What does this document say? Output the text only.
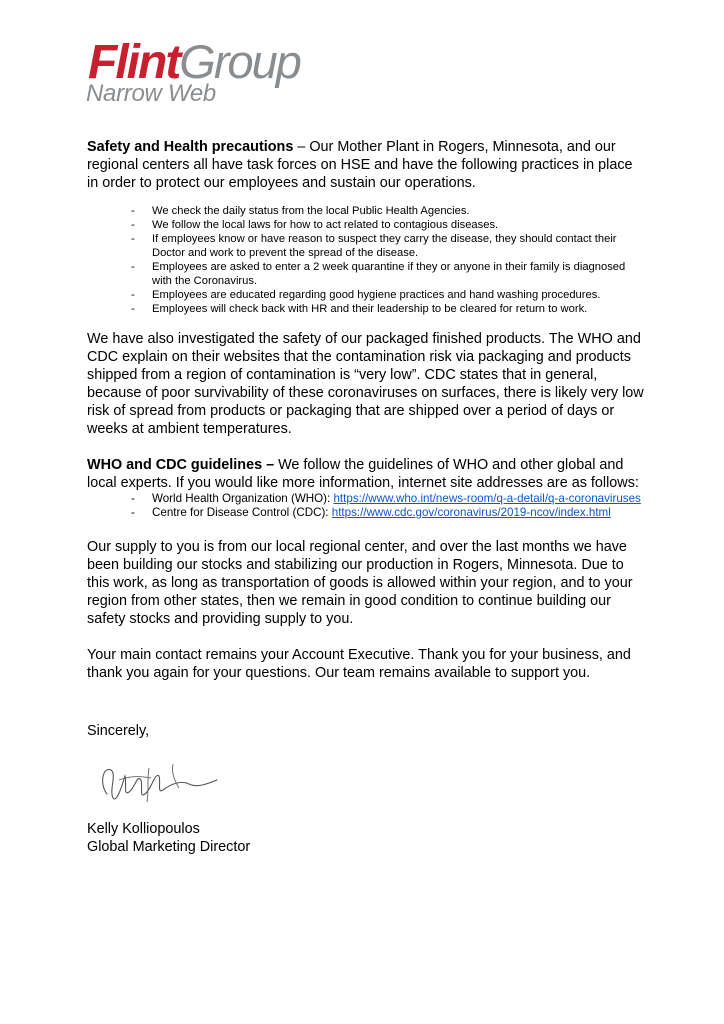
FlintGroup
Narrow Web

Safety and Health precautions – Our Mother Plant in Rogers, Minnesota, and our regional centers all have task forces on HSE and have the following practices in place in order to protect our employees and sustain our operations.

- We check the daily status from the local Public Health Agencies.
- We follow the local laws for how to act related to contagious diseases.
- If employees know or have reason to suspect they carry the disease, they should contact their Doctor and work to prevent the spread of the disease.
- Employees are asked to enter a 2 week quarantine if they or anyone in their family is diagnosed with the Coronavirus.
- Employees are educated regarding good hygiene practices and hand washing procedures.
- Employees will check back with HR and their leadership to be cleared for return to work.

We have also investigated the safety of our packaged finished products. The WHO and CDC explain on their websites that the contamination risk via packaging and products shipped from a region of contamination is “very low”. CDC states that in general, because of poor survivability of these coronaviruses on surfaces, there is likely very low risk of spread from products or packaging that are shipped over a period of days or weeks at ambient temperatures.

WHO and CDC guidelines – We follow the guidelines of WHO and other global and local experts. If you would like more information, internet site addresses are as follows:

- World Health Organization (WHO): https://www.who.int/news-room/q-a-detail/q-a-coronaviruses
- Centre for Disease Control (CDC): https://www.cdc.gov/coronavirus/2019-ncov/index.html

Our supply to you is from our local regional center, and over the last months we have been building our stocks and stabilizing our production in Rogers, Minnesota. Due to this work, as long as transportation of goods is allowed within your region, and to your region from other states, then we remain in good condition to continue building our safety stocks and providing supply to you.

Your main contact remains your Account Executive. Thank you for your business, and thank you again for your questions. Our team remains available to support you.

Sincerely,

Kelly Kolliopoulos

Global Marketing Director
